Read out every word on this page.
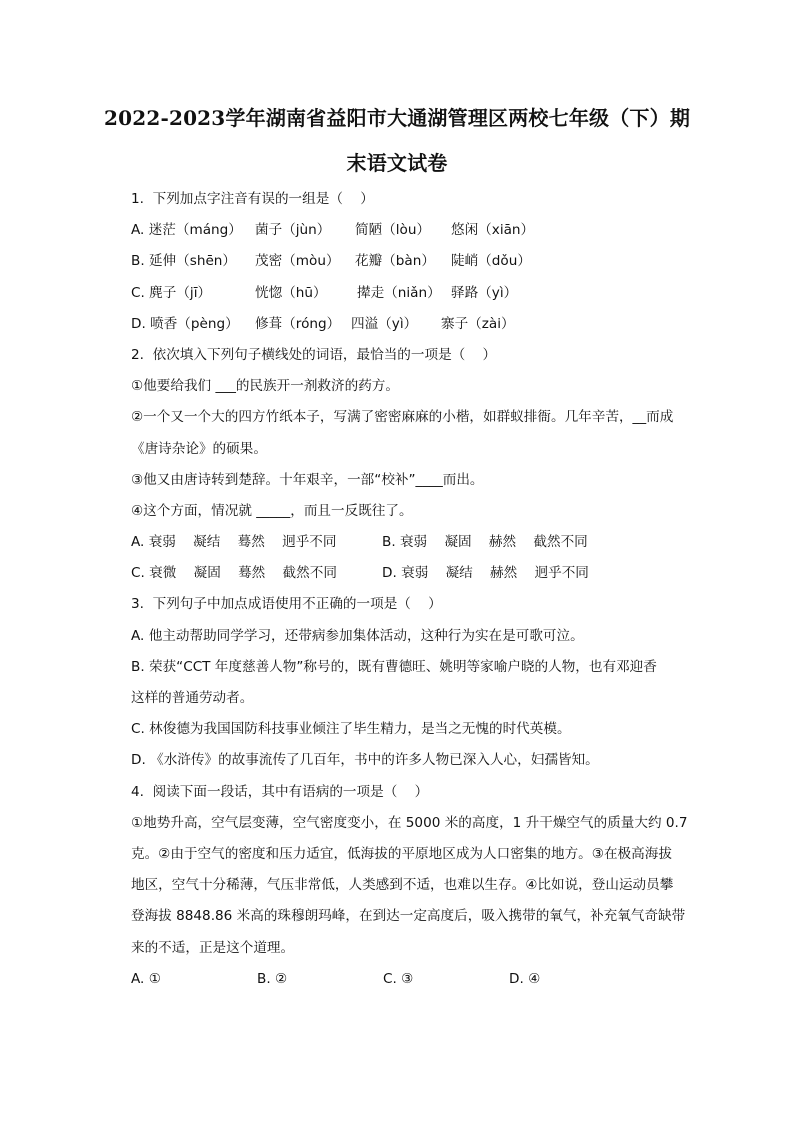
2022-2023学年湖南省益阳市大通湖管理区两校七年级（下）期
末语文试卷
1.  下列加点字注音有误的一组是（    ）
A. 迷茫（máng） 菌子（jùn） 简陋（lòu） 悠闲（xiān）
B. 延伸（shēn） 茂密（mòu） 花瓣（bàn） 陡峭（dǒu）
C. 麂子（jī）	恍惚（hū） 撵走（niǎn） 驿路（yì）
D. 喷香（pèng） 修葺（róng） 四溢（yì） 寨子（zài）
2.  依次填入下列句子横线处的词语，最恰当的一项是（    ）
①他要给我们 ___的民族开一剂救济的药方。
②一个又一个大的四方竹纸本子，写满了密密麻麻的小楷，如群蚁排衙。几年辛苦，__而成
《唐诗杂论》的硕果。
③他又由唐诗转到楚辞。十年艰辛，一部“校补”____而出。
④这个方面，情况就 _____，而且一反既往了。
A. 衰弱    凝结    蓦然    迥乎不同	B. 衰弱    凝固    赫然    截然不同
C. 衰微    凝固    蓦然    截然不同	D. 衰弱    凝结    赫然    迥乎不同
3.  下列句子中加点成语使用不正确的一项是（    ）
A. 他主动帮助同学学习，还带病参加集体活动，这种行为实在是可歌可泣。
B. 荣获“CCT 年度慈善人物”称号的，既有曹德旺、姚明等家喻户晓的人物，也有邓迎香
这样的普通劳动者。
C. 林俊德为我国国防科技事业倾注了毕生精力，是当之无愧的时代英模。
D. 《水浒传》的故事流传了几百年，书中的许多人物已深入人心，妇孺皆知。
4.  阅读下面一段话，其中有语病的一项是（    ）
①地势升高，空气层变薄，空气密度变小，在 5000 米的高度，1 升干燥空气的质量大约 0.7
克。②由于空气的密度和压力适宜，低海拔的平原地区成为人口密集的地方。③在极高海拔
地区，空气十分稀薄，气压非常低，人类感到不适，也难以生存。④比如说，登山运动员攀
登海拔 8848.86 米高的珠穆朗玛峰，在到达一定高度后，吸入携带的氧气，补充氧气奇缺带
来的不适，正是这个道理。
A. ①	B. ②	C. ③	D. ④
